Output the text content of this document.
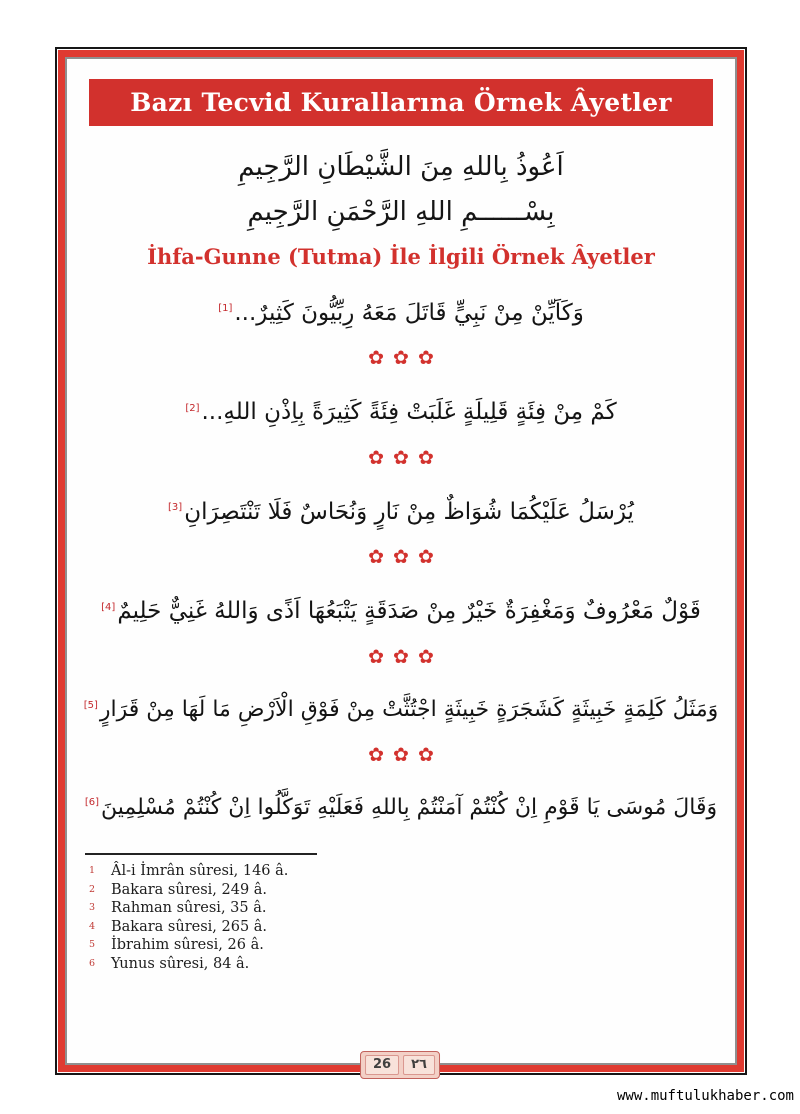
Bazı Tecvid Kurallarına Örnek Âyetler
اَعُوذُ بِاللهِ مِنَ الشَّيْطَانِ الرَّجِيمِ
بِسْــــــمِ اللهِ الرَّحْمَنِ الرَّجِيمِ
İhfa-Gunne (Tutma) İle İlgili Örnek Âyetler
وَكَاَيِّنْ مِنْ نَبِيٍّ قَاتَلَ مَعَهُ رِبِّيُّونَ كَثِيرٌ...[1]
✿✿✿
كَمْ مِنْ فِئَةٍ قَلِيلَةٍ غَلَبَتْ فِئَةً كَثِيرَةً بِاِذْنِ اللهِ...[2]
✿✿✿
يُرْسَلُ عَلَيْكُمَا شُوَاظٌ مِنْ نَارٍ وَنُحَاسٌ فَلَا تَنْتَصِرَانِ[3]
✿✿✿
قَوْلٌ مَعْرُوفٌ وَمَغْفِرَةٌ خَيْرٌ مِنْ صَدَقَةٍ يَتْبَعُهَا اَذًى وَاللهُ غَنِيٌّ حَلِيمٌ[4]
✿✿✿
وَمَثَلُ كَلِمَةٍ خَبِيثَةٍ كَشَجَرَةٍ خَبِيثَةٍ اجْتُثَّتْ مِنْ فَوْقِ الْاَرْضِ مَا لَهَا مِنْ قَرَارٍ[5]
✿✿✿
وَقَالَ مُوسَى يَا قَوْمِ اِنْ كُنْتُمْ آمَنْتُمْ بِاللهِ فَعَلَيْهِ تَوَكَّلُوا اِنْ كُنْتُمْ مُسْلِمِينَ[6]
1 Âl-i İmrân sûresi, 146 â.
2 Bakara sûresi, 249 â.
3 Rahman sûresi, 35 â.
4 Bakara sûresi, 265 â.
5 İbrahim sûresi, 26 â.
6 Yunus sûresi, 84 â.
26	٢٦
www.muftulukhaber.com
